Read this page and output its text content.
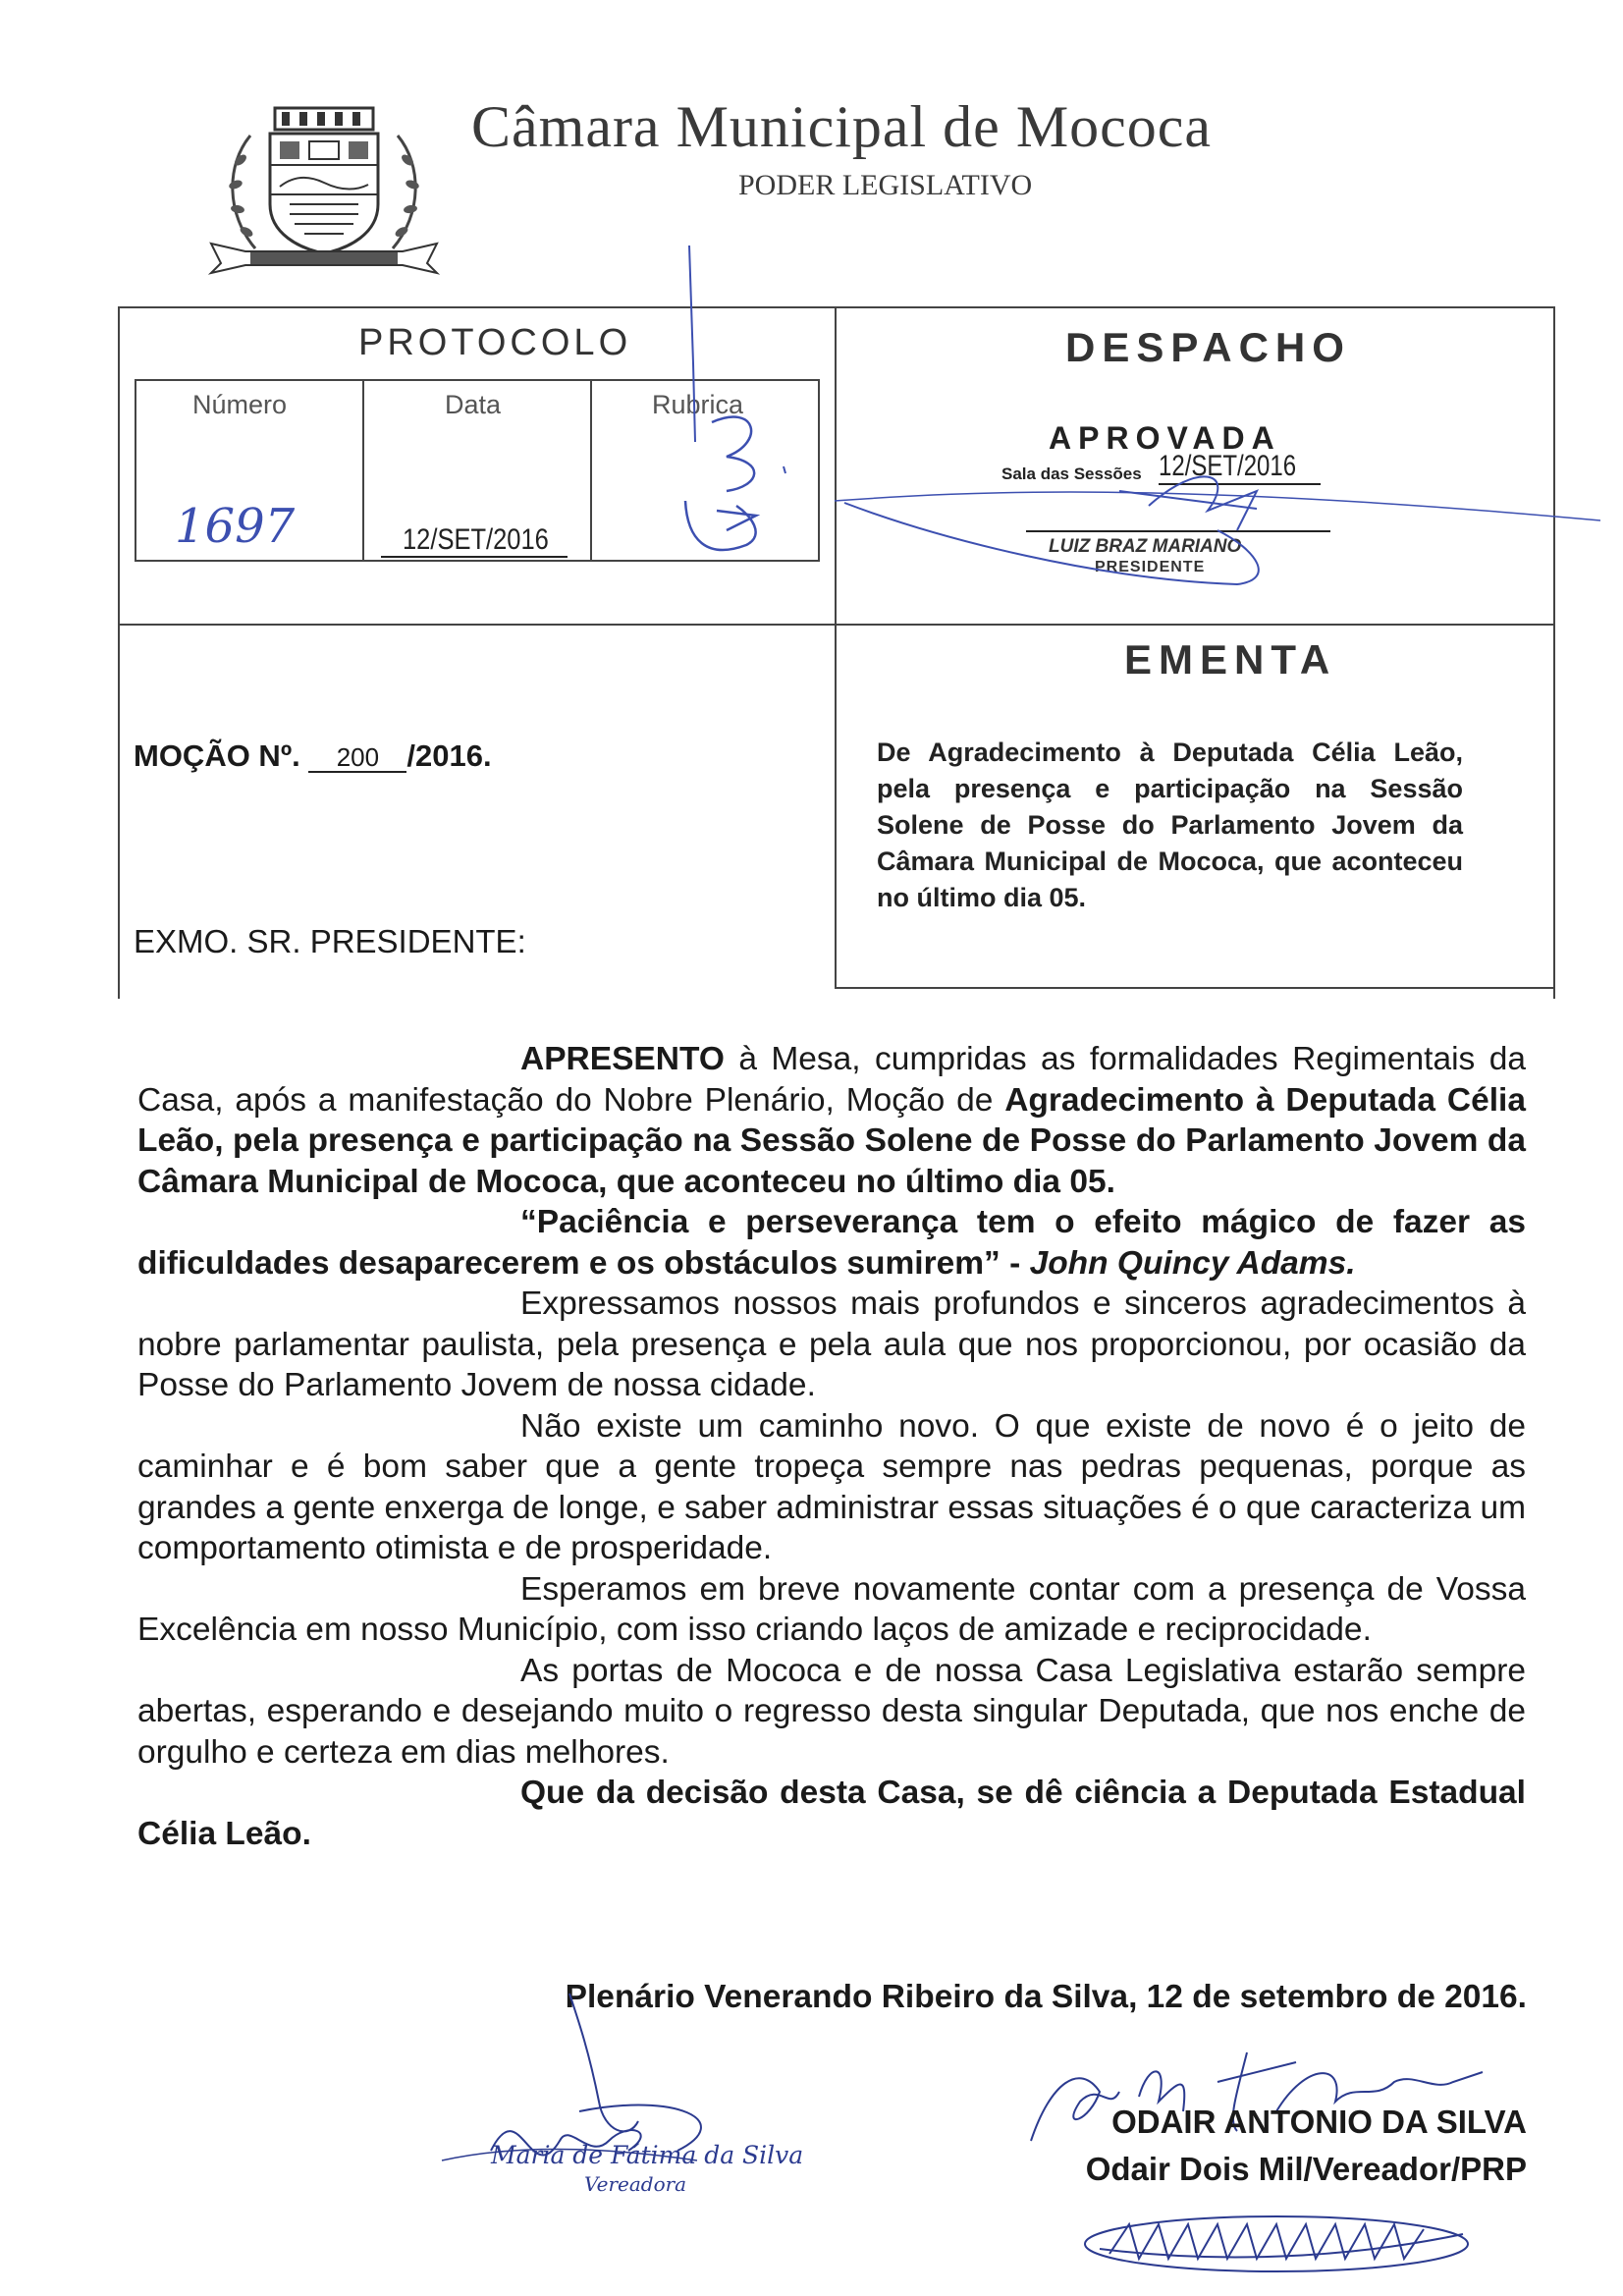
Câmara Municipal de Mococa
PODER LEGISLATIVO
PROTOCOLO
Número	Data	Rubrica
1697	12/SET/2016
DESPACHO
APROVADA
Sala das Sessões 12/SET/2016
LUIZ BRAZ MARIANO
PRESIDENTE
EMENTA
MOÇÃO Nº. 200 /2016.
EXMO. SR. PRESIDENTE:
De Agradecimento à Deputada Célia Leão, pela presença e participação na Sessão Solene de Posse do Parlamento Jovem da Câmara Municipal de Mococa, que aconteceu no último dia 05.

APRESENTO à Mesa, cumpridas as formalidades Regimentais da Casa, após a manifestação do Nobre Plenário, Moção de Agradecimento à Deputada Célia Leão, pela presença e participação na Sessão Solene de Posse do Parlamento Jovem da Câmara Municipal de Mococa, que aconteceu no último dia 05.

“Paciência e perseverança tem o efeito mágico de fazer as dificuldades desaparecerem e os obstáculos sumirem” - John Quincy Adams.

Expressamos nossos mais profundos e sinceros agradecimentos à nobre parlamentar paulista, pela presença e pela aula que nos proporcionou, por ocasião da Posse do Parlamento Jovem de nossa cidade.

Não existe um caminho novo. O que existe de novo é o jeito de caminhar e é bom saber que a gente tropeça sempre nas pedras pequenas, porque as grandes a gente enxerga de longe, e saber administrar essas situações é o que caracteriza um comportamento otimista e de prosperidade.

Esperamos em breve novamente contar com a presença de Vossa Excelência em nosso Município, com isso criando laços de amizade e reciprocidade.

As portas de Mococa e de nossa Casa Legislativa estarão sempre abertas, esperando e desejando muito o regresso desta singular Deputada, que nos enche de orgulho e certeza em dias melhores.

Que da decisão desta Casa, se dê ciência a Deputada Estadual Célia Leão.

Plenário Venerando Ribeiro da Silva, 12 de setembro de 2016.
Maria de Fátima da Silva
Vereadora
ODAIR ANTONIO DA SILVA
Odair Dois Mil/Vereador/PRP
